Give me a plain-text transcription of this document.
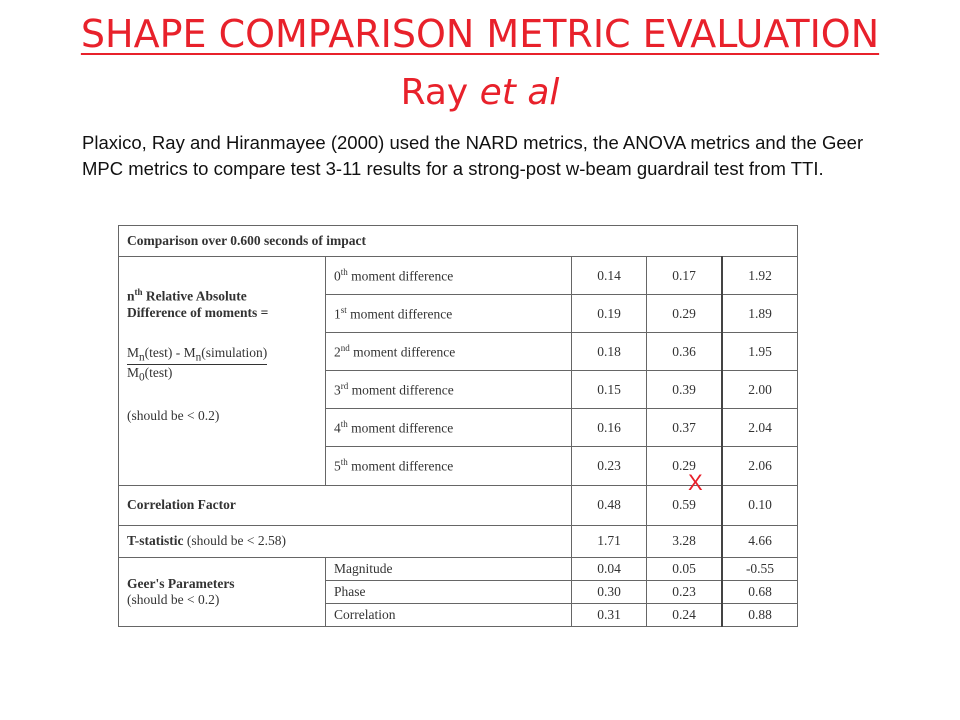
SHAPE COMPARISON METRIC EVALUATION
Ray et al
Plaxico, Ray and Hiranmayee (2000) used the NARD metrics, the ANOVA metrics and the Geer MPC metrics to compare test 3-11 results for a strong-post w-beam guardrail test from TTI.
Comparison over 0.600 seconds of impact				

$n^{th}$ Relative Absolute
Difference of moments =
$M_n(test)$ - $M_n(simulation)$
$M_0(test)$
(should be < 0.2)	0th moment difference	0.14	0.17	1.92
	1st moment difference	0.19	0.29	1.89
	2nd moment difference	0.18	0.36	1.95
	3rd moment difference	0.15	0.39	2.00
	4th moment difference	0.16	0.37	2.04
	5th moment difference	0.23	0.29	2.06
Correlation Factor		0.48	0.59	0.10
T-statistic (should be < 2.58)		1.71	3.28	4.66

Geer's Parameters
(should be < 0.2)	Magnitude	0.04	0.05	-0.55
	Phase	0.30	0.23	0.68
	Correlation	0.31	0.24	0.88
X
